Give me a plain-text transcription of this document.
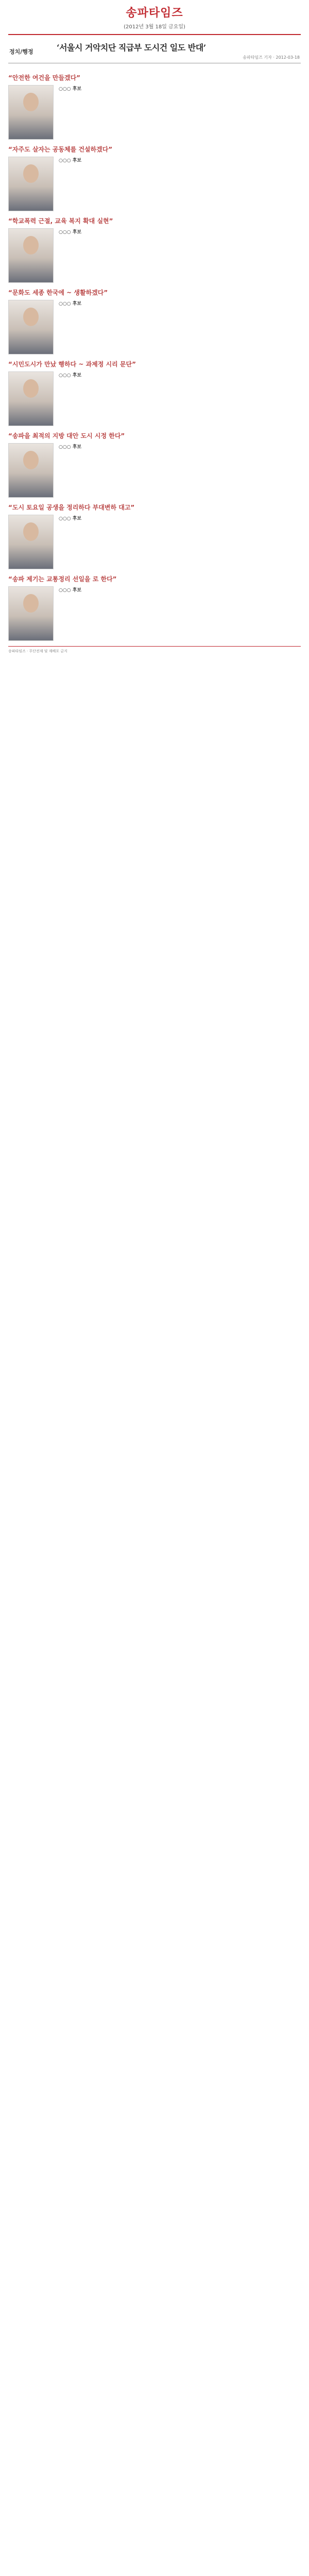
송파타임즈
(2012년 3월 18일 금요일)
정치/행정	‘서울시 거악치단 직급부 도시건 일도 반대’
송파타임즈 기자 · 2012-03-18
“안전한 여건을 만들겠다”
○○○ 후보
“자주도 살자는 공동체를 건설하겠다”
○○○ 후보
“학교폭력 근절, 교육 복지 확대 실현”
○○○ 후보
“문화도 세종 한국에 ~ 생활하겠다”
○○○ 후보
“시민도시가 만났 행하다 ~ 과제정 시리 문단”
○○○ 후보
“송파을 최적의 지방 대안 도시 시정 한다”
○○○ 후보
“도시 토요일 공생을 정리하다 부대변하 대고”
○○○ 후보
“송파 제기는 교통정리 선일을 로 한다”
○○○ 후보
송파타임즈 · 무단전재 및 재배포 금지
